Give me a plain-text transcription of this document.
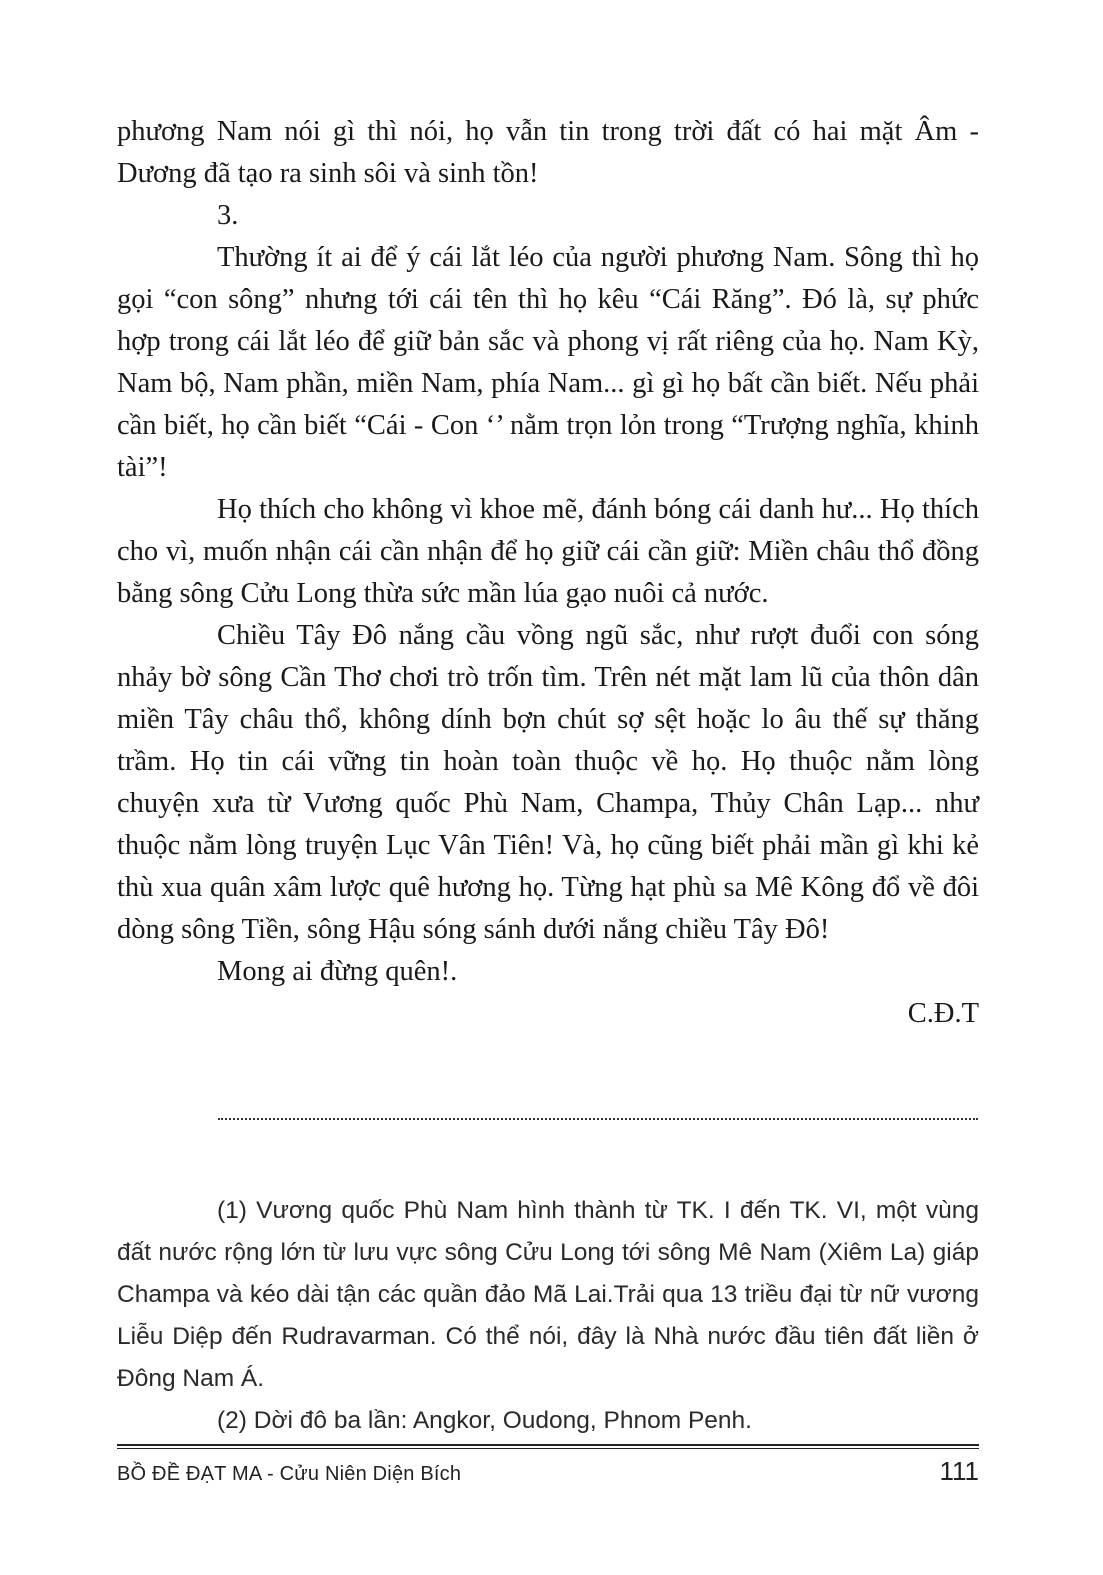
phương Nam nói gì thì nói, họ vẫn tin trong trời đất có hai mặt Âm - Dương đã tạo ra sinh sôi và sinh tồn!

3.

Thường ít ai để ý cái lắt léo của người phương Nam. Sông thì họ gọi “con sông” nhưng tới cái tên thì họ kêu “Cái Răng”. Đó là, sự phức hợp trong cái lắt léo để giữ bản sắc và phong vị rất riêng của họ. Nam Kỳ, Nam bộ, Nam phần, miền Nam, phía Nam... gì gì họ bất cần biết. Nếu phải cần biết, họ cần biết “Cái - Con ‘’ nằm trọn lỏn trong “Trượng nghĩa, khinh tài”!

Họ thích cho không vì khoe mẽ, đánh bóng cái danh hư... Họ thích cho vì, muốn nhận cái cần nhận để họ giữ cái cần giữ: Miền châu thổ đồng bằng sông Cửu Long thừa sức mần lúa gạo nuôi cả nước.

Chiều Tây Đô nắng cầu vồng ngũ sắc, như rượt đuổi con sóng nhảy bờ sông Cần Thơ chơi trò trốn tìm. Trên nét mặt lam lũ của thôn dân miền Tây châu thổ, không dính bợn chút sợ sệt hoặc lo âu thế sự thăng trầm. Họ tin cái vững tin hoàn toàn thuộc về họ. Họ thuộc nằm lòng chuyện xưa từ Vương quốc Phù Nam, Champa, Thủy Chân Lạp... như thuộc nằm lòng truyện Lục Vân Tiên! Và, họ cũng biết phải mần gì khi kẻ thù xua quân xâm lược quê hương họ. Từng hạt phù sa Mê Kông đổ về đôi dòng sông Tiền, sông Hậu sóng sánh dưới nắng chiều Tây Đô!

Mong ai đừng quên!.

C.Đ.T

(1) Vương quốc Phù Nam hình thành từ TK. I đến TK. VI, một vùng đất nước rộng lớn từ lưu vực sông Cửu Long tới sông Mê Nam (Xiêm La) giáp Champa và kéo dài tận các quần đảo Mã Lai.Trải qua 13 triều đại từ nữ vương Liễu Diệp đến Rudravarman. Có thể nói, đây là Nhà nước đầu tiên đất liền ở Đông Nam Á.

(2) Dời đô ba lần: Angkor, Oudong, Phnom Penh.

BỒ ĐỀ ĐẠT MA - Cửu Niên Diện Bích	111
